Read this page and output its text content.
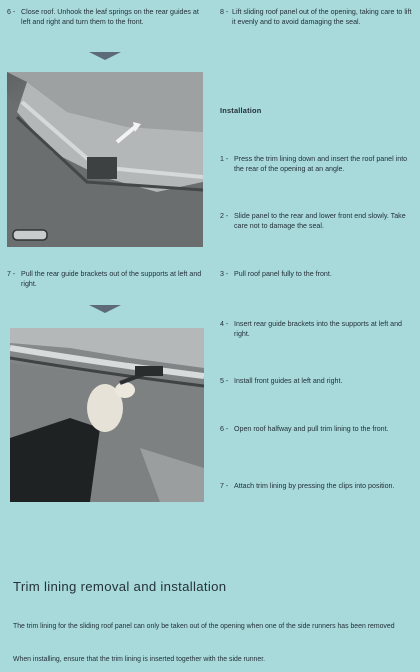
6 - Close roof. Unhook the leaf springs on the rear guides at left and right and turn them to the front.
7 - Pull the rear guide brackets out of the supports at left and right.
8 - Lift sliding roof panel out of the opening, taking care to lift it evenly and to avoid damaging the seal.
Installation
1 - Press the trim lining down and insert the roof panel into the rear of the opening at an angle.
2 - Slide panel to the rear and lower front end slowly. Take care not to damage the seal.
3 - Pull roof panel fully to the front.
4 - Insert rear guide brackets into the supports at left and right.
5 - Install front guides at left and right.
6 - Open roof halfway and pull trim lining to the front.
7 - Attach trim lining by pressing the clips into position.
Trim lining removal and installation
The trim lining for the sliding roof panel can only be taken out of the opening when one of the side runners has been removed
When installing, ensure that the trim lining is inserted together with the side runner.
